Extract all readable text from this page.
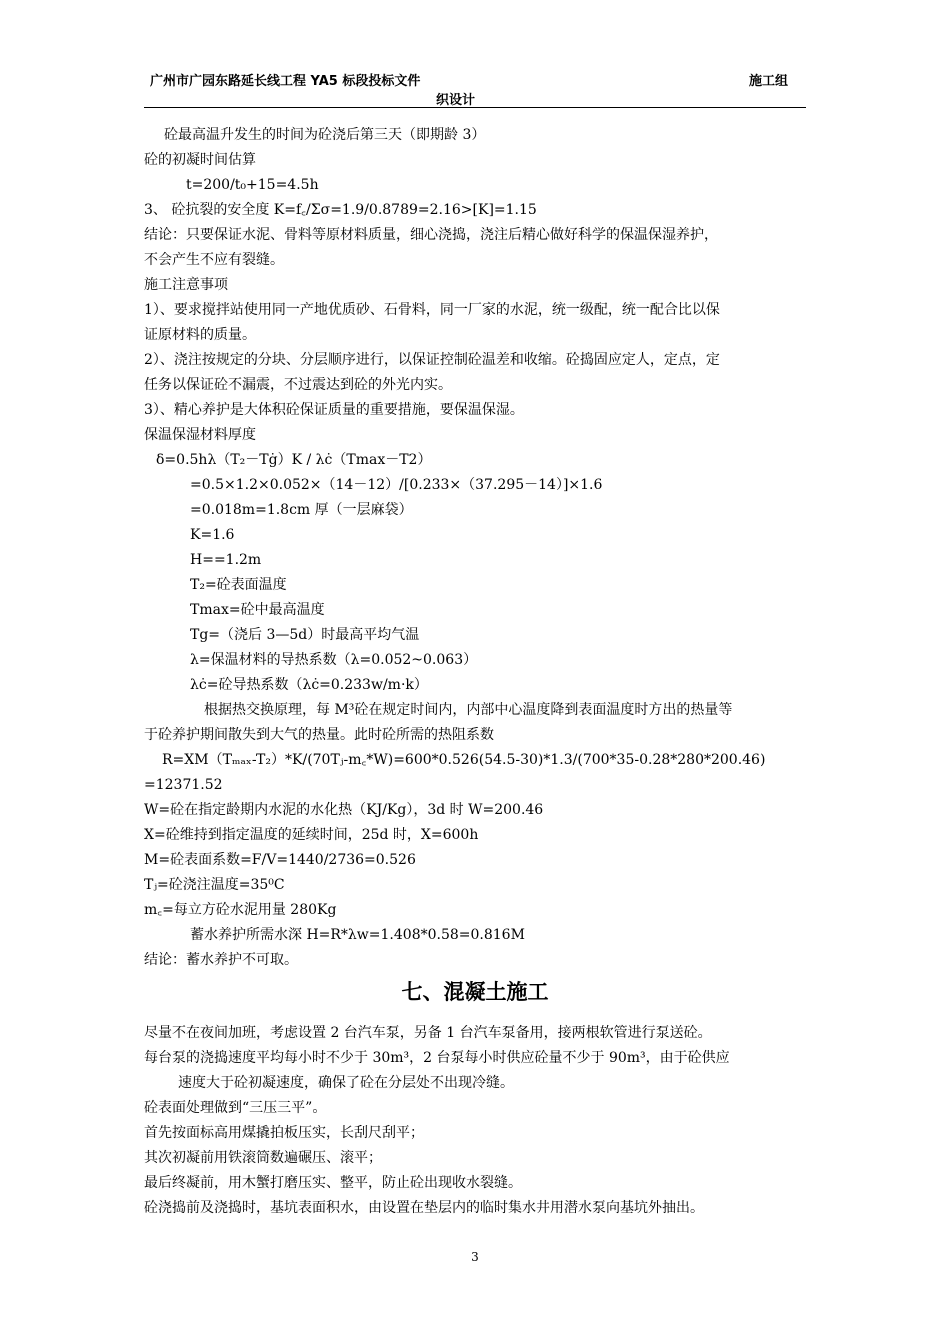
广州市广园东路延长线工程 YA5 标段投标文件
织设计
施工组
砼最高温升发生的时间为砼浇后第三天（即期龄 3）
砼的初凝时间估算
t=200/t₀+15=4.5h
3、 砼抗裂的安全度 K=f꜀/Σσ=1.9/0.8789=2.16>[K]=1.15
结论：只要保证水泥、骨料等原材料质量，细心浇捣，浇注后精心做好科学的保温保湿养护，
不会产生不应有裂缝。
施工注意事项
1）、要求搅拌站使用同一产地优质砂、石骨料，同一厂家的水泥，统一级配，统一配合比以保
证原材料的质量。
2）、浇注按规定的分块、分层顺序进行，以保证控制砼温差和收缩。砼捣固应定人，定点，定
任务以保证砼不漏震，不过震达到砼的外光内实。
3）、精心养护是大体积砼保证质量的重要措施，要保温保湿。
保温保湿材料厚度
δ=0.5hλ（T₂－Tġ）K / λċ（Tmax－T2）
=0.5×1.2×0.052×（14－12）/[0.233×（37.295－14）]×1.6
=0.018m=1.8cm 厚（一层麻袋）
K=1.6
H==1.2m
T₂=砼表面温度
Tmax=砼中最高温度
Tg=（浇后 3—5d）时最高平均气温
λ=保温材料的导热系数（λ=0.052~0.063）
λċ=砼导热系数（λċ=0.233w/m·k）
根据热交换原理，每 M³砼在规定时间内，内部中心温度降到表面温度时方出的热量等
于砼养护期间散失到大气的热量。此时砼所需的热阻系数
R=XM（Tₘₐₓ-T₂）*K/(70Tⱼ-m꜀*W)=600*0.526(54.5-30)*1.3/(700*35-0.28*280*200.46)
=12371.52
W=砼在指定龄期内水泥的水化热（KJ/Kg），3d 时 W=200.46
X=砼维持到指定温度的延续时间，25d 时，X=600h
M=砼表面系数=F/V=1440/2736=0.526
Tⱼ=砼浇注温度=35⁰C
m꜀=每立方砼水泥用量 280Kg
蓄水养护所需水深 H=R*λw=1.408*0.58=0.816M
结论：蓄水养护不可取。
七、混凝土施工
尽量不在夜间加班，考虑设置 2 台汽车泵，另备 1 台汽车泵备用，接两根软管进行泵送砼。
每台泵的浇捣速度平均每小时不少于 30m³，2 台泵每小时供应砼量不少于 90m³，由于砼供应
速度大于砼初凝速度，确保了砼在分层处不出现冷缝。
砼表面处理做到“三压三平”。
首先按面标高用煤撬拍板压实，长刮尺刮平；
其次初凝前用铁滚筒数遍碾压、滚平；
最后终凝前，用木蟹打磨压实、整平，防止砼出现收水裂缝。
砼浇捣前及浇捣时，基坑表面积水，由设置在垫层内的临时集水井用潜水泵向基坑外抽出。
3
